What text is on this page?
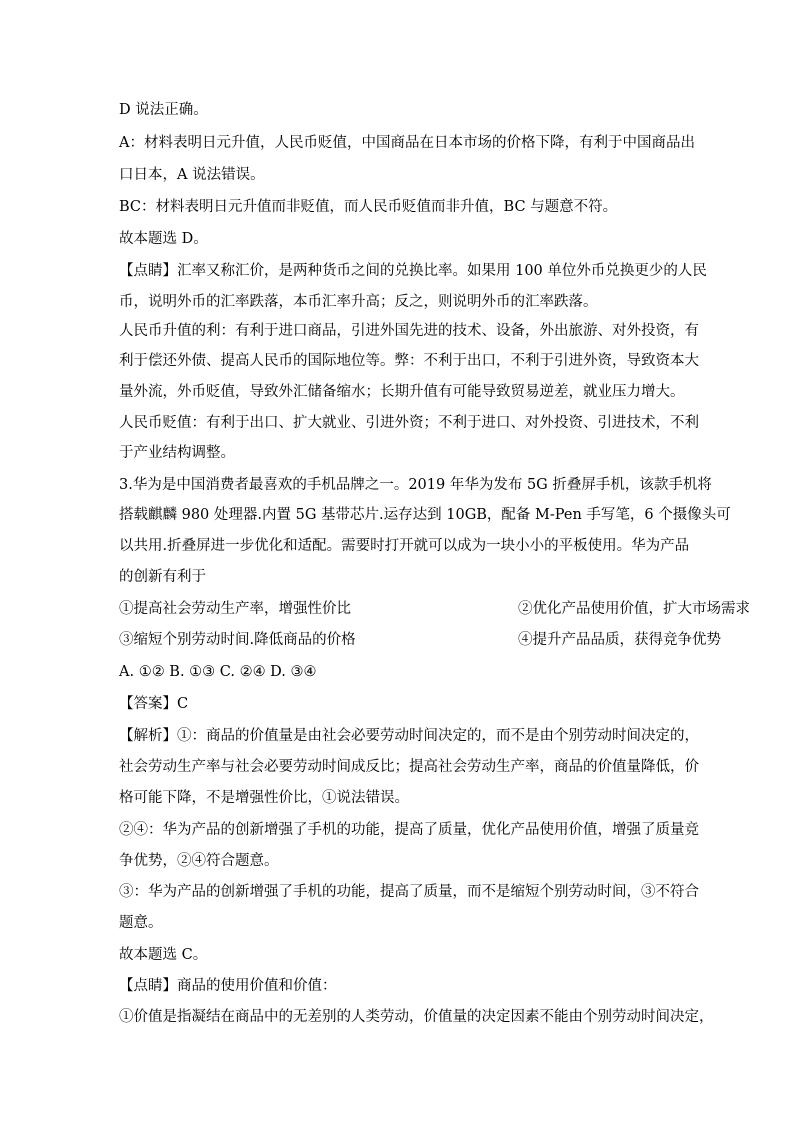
D 说法正确。
A：材料表明日元升值，人民币贬值，中国商品在日本市场的价格下降，有利于中国商品出
口日本，A 说法错误。
BC：材料表明日元升值而非贬值，而人民币贬值而非升值，BC 与题意不符。
故本题选 D。
【点睛】汇率又称汇价，是两种货币之间的兑换比率。如果用 100 单位外币兑换更少的人民
币，说明外币的汇率跌落，本币汇率升高；反之，则说明外币的汇率跌落。
人民币升值的利：有利于进口商品，引进外国先进的技术、设备，外出旅游、对外投资，有
利于偿还外债、提高人民币的国际地位等。弊：不利于出口，不利于引进外资，导致资本大
量外流，外币贬值，导致外汇储备缩水；长期升值有可能导致贸易逆差，就业压力增大。
人民币贬值：有利于出口、扩大就业、引进外资；不利于进口、对外投资、引进技术，不利
于产业结构调整。
3.华为是中国消费者最喜欢的手机品牌之一。2019 年华为发布 5G 折叠屏手机，该款手机将
搭载麒麟 980 处理器.内置 5G 基带芯片.运存达到 10GB，配备 M-Pen 手写笔，6 个摄像头可
以共用.折叠屏进一步优化和适配。需要时打开就可以成为一块小小的平板使用。华为产品
的创新有利于
①提高社会劳动生产率，增强性价比	②优化产品使用价值，扩大市场需求
③缩短个别劳动时间.降低商品的价格	④提升产品品质，获得竞争优势
A. ①② B. ①③ C. ②④ D. ③④
【答案】C
【解析】①：商品的价值量是由社会必要劳动时间决定的，而不是由个别劳动时间决定的，
社会劳动生产率与社会必要劳动时间成反比；提高社会劳动生产率，商品的价值量降低，价
格可能下降，不是增强性价比，①说法错误。
②④：华为产品的创新增强了手机的功能，提高了质量，优化产品使用价值，增强了质量竞
争优势，②④符合题意。
③：华为产品的创新增强了手机的功能，提高了质量，而不是缩短个别劳动时间，③不符合
题意。
故本题选 C。
【点睛】商品的使用价值和价值：
①价值是指凝结在商品中的无差别的人类劳动，价值量的决定因素不能由个别劳动时间决定，
